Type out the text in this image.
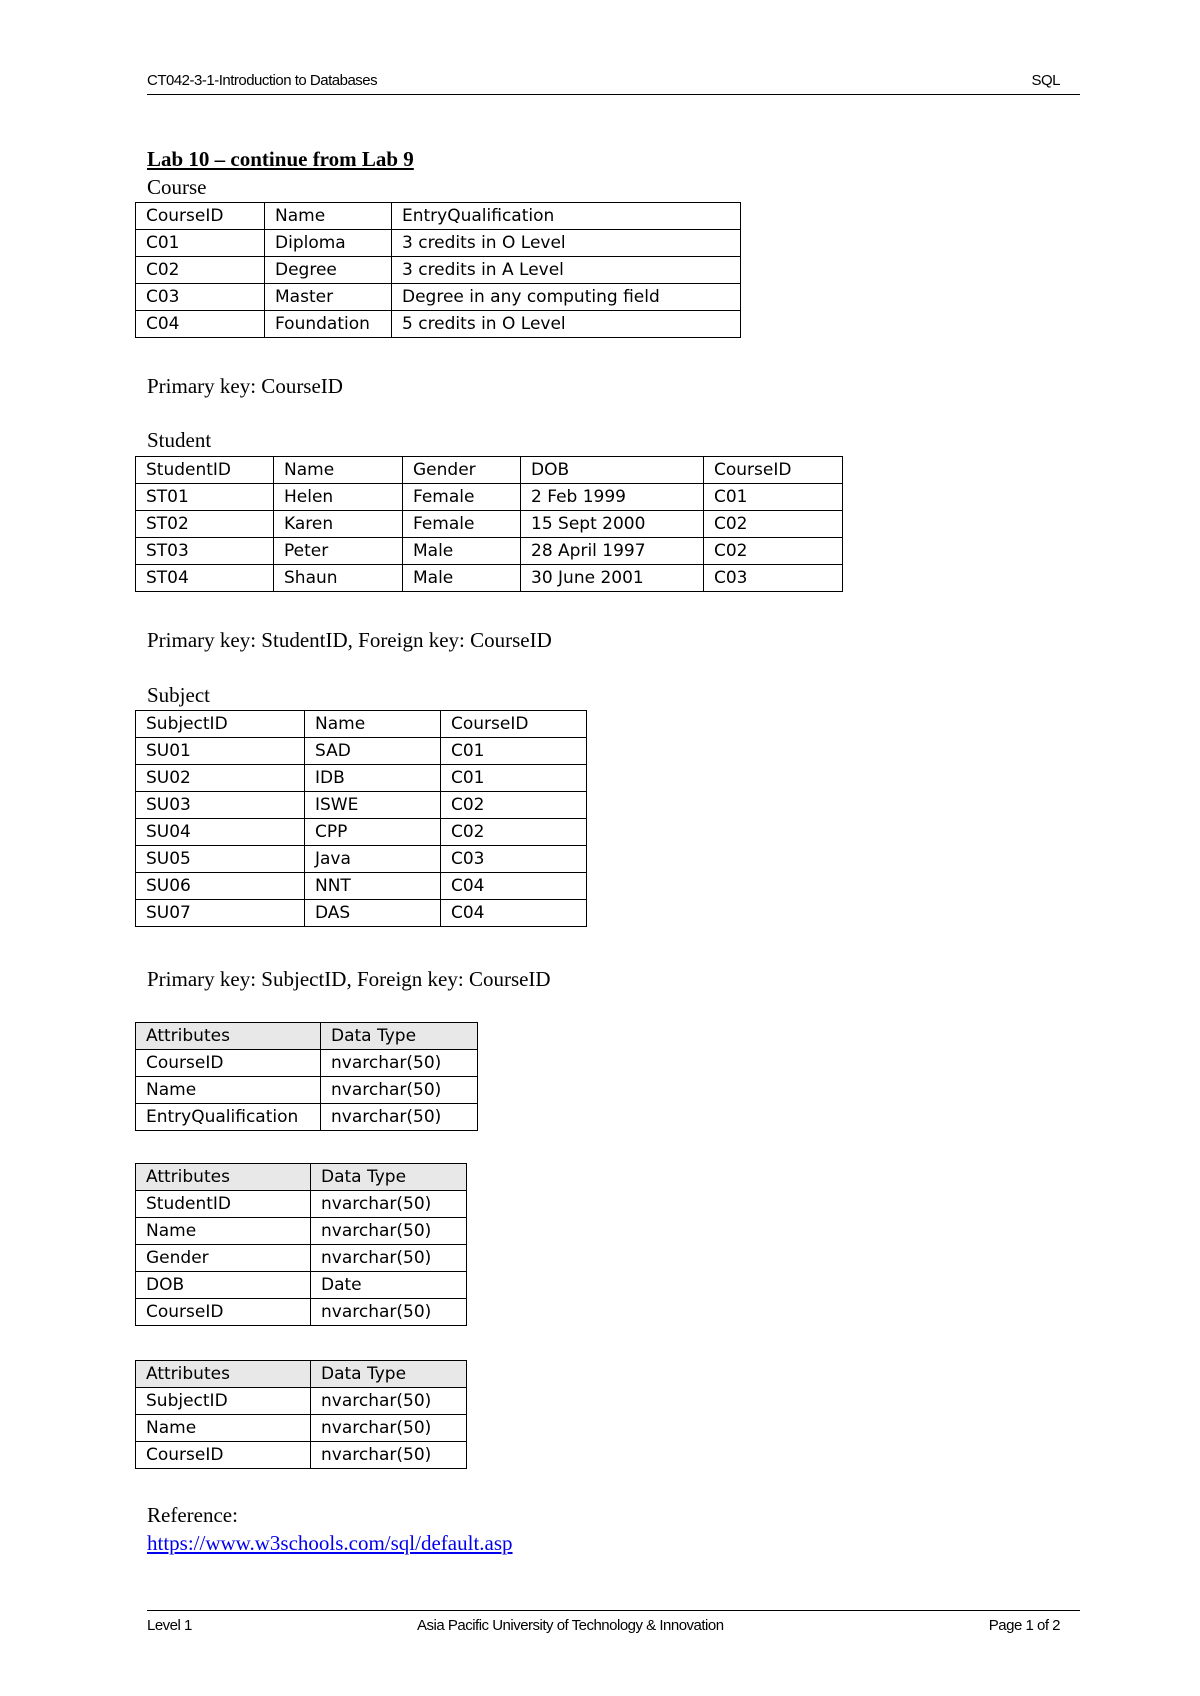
CT042-3-1-Introduction to Databases	SQL
Lab 10 – continue from Lab 9
Course
CourseID	Name	EntryQualification
C01	Diploma	3 credits in O Level
C02	Degree	3 credits in A Level
C03	Master	Degree in any computing field
C04	Foundation	5 credits in O Level
Primary key: CourseID
Student
StudentID	Name	Gender	DOB	CourseID
ST01	Helen	Female	2 Feb 1999	C01
ST02	Karen	Female	15 Sept 2000	C02
ST03	Peter	Male	28 April 1997	C02
ST04	Shaun	Male	30 June 2001	C03
Primary key: StudentID, Foreign key: CourseID
Subject
SubjectID	Name	CourseID
SU01	SAD	C01
SU02	IDB	C01
SU03	ISWE	C02
SU04	CPP	C02
SU05	Java	C03
SU06	NNT	C04
SU07	DAS	C04
Primary key: SubjectID, Foreign key: CourseID
Attributes	Data Type
CourseID	nvarchar(50)
Name	nvarchar(50)
EntryQualification	nvarchar(50)
Attributes	Data Type
StudentID	nvarchar(50)
Name	nvarchar(50)
Gender	nvarchar(50)
DOB	Date
CourseID	nvarchar(50)
Attributes	Data Type
SubjectID	nvarchar(50)
Name	nvarchar(50)
CourseID	nvarchar(50)
Reference:
https://www.w3schools.com/sql/default.asp
Level 1	Asia Pacific University of Technology & Innovation	Page 1 of 2
